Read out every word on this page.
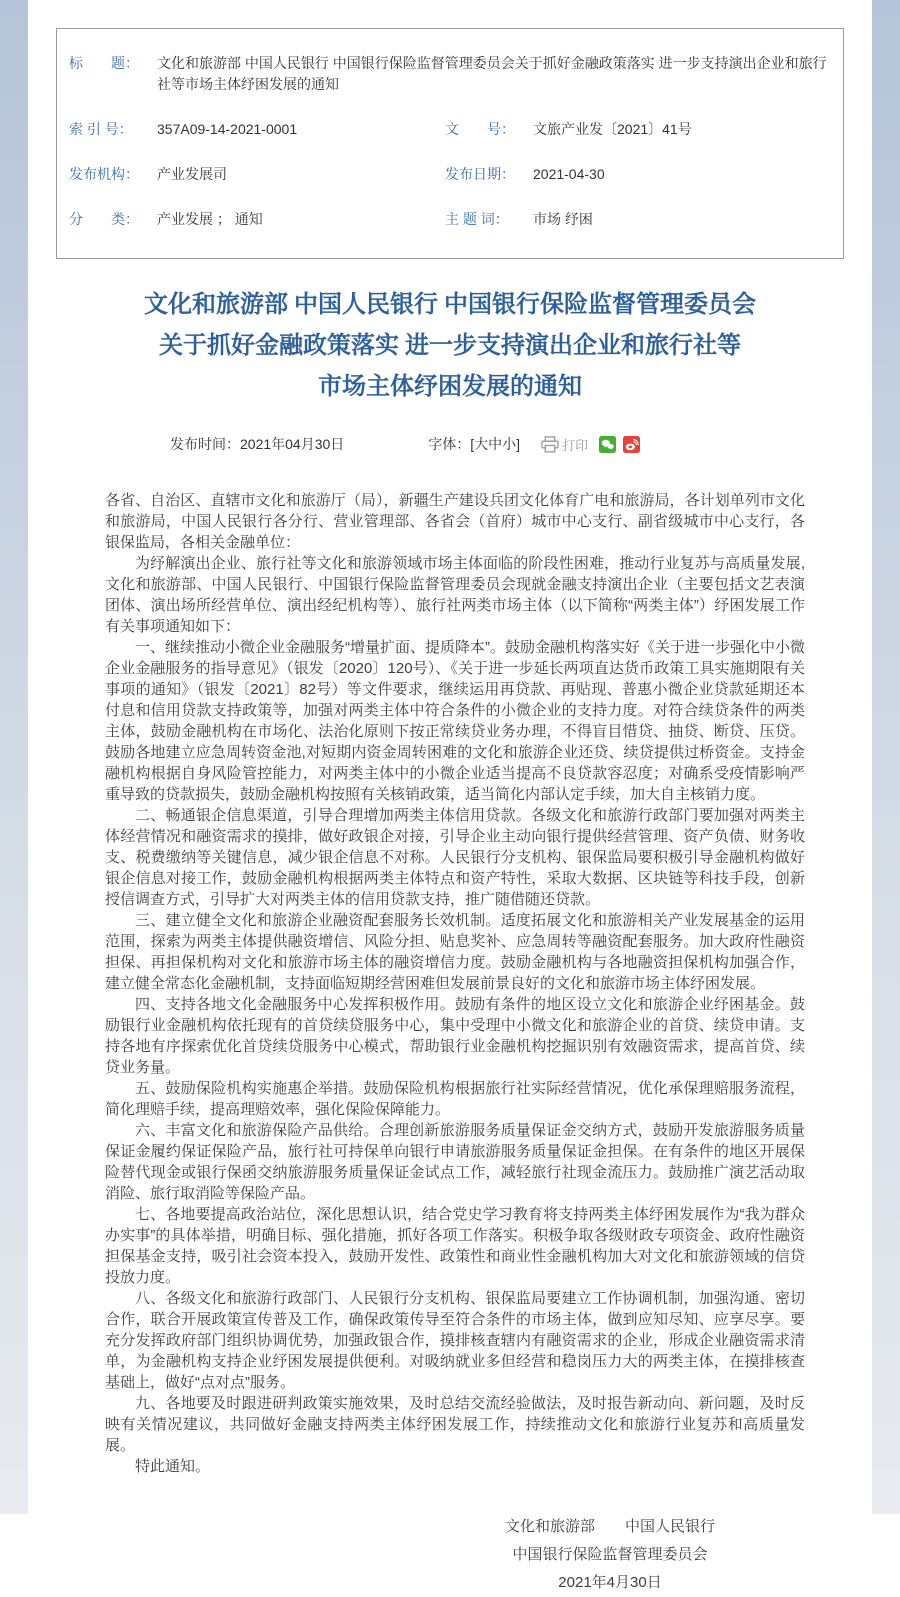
标　　题：	文化和旅游部 中国人民银行 中国银行保险监督管理委员会关于抓好金融政策落实 进一步支持演出企业和旅行社等市场主体纾困发展的通知
索 引 号：	357A09-14-2021-0001	文　　号：	文旅产业发〔2021〕41号
发布机构：	产业发展司	发布日期：	2021-04-30
分　　类：	产业发展 ； 通知	主 题 词：	市场 纾困
文化和旅游部 中国人民银行 中国银行保险监督管理委员会
关于抓好金融政策落实 进一步支持演出企业和旅行社等
市场主体纾困发展的通知
发布时间：2021年04月30日	字体：[大中小]	打印

各省、自治区、直辖市文化和旅游厅（局），新疆生产建设兵团文化体育广电和旅游局，各计划单列市文化和旅游局，中国人民银行各分行、营业管理部、各省会（首府）城市中心支行、副省级城市中心支行，各银保监局，各相关金融单位：

为纾解演出企业、旅行社等文化和旅游领域市场主体面临的阶段性困难，推动行业复苏与高质量发展,文化和旅游部、中国人民银行、中国银行保险监督管理委员会现就金融支持演出企业（主要包括文艺表演团体、演出场所经营单位、演出经纪机构等）、旅行社两类市场主体（以下简称“两类主体”）纾困发展工作有关事项通知如下：

一、继续推动小微企业金融服务“增量扩面、提质降本”。鼓励金融机构落实好《关于进一步强化中小微企业金融服务的指导意见》（银发〔2020〕120号）、《关于进一步延长两项直达货币政策工具实施期限有关事项的通知》（银发〔2021〕82号）等文件要求，继续运用再贷款、再贴现、普惠小微企业贷款延期还本付息和信用贷款支持政策等，加强对两类主体中符合条件的小微企业的支持力度。对符合续贷条件的两类主体，鼓励金融机构在市场化、法治化原则下按正常续贷业务办理，不得盲目惜贷、抽贷、断贷、压贷。鼓励各地建立应急周转资金池,对短期内资金周转困难的文化和旅游企业还贷、续贷提供过桥资金。支持金融机构根据自身风险管控能力，对两类主体中的小微企业适当提高不良贷款容忍度；对确系受疫情影响严重导致的贷款损失，鼓励金融机构按照有关核销政策，适当简化内部认定手续，加大自主核销力度。

二、畅通银企信息渠道，引导合理增加两类主体信用贷款。各级文化和旅游行政部门要加强对两类主体经营情况和融资需求的摸排，做好政银企对接，引导企业主动向银行提供经营管理、资产负债、财务收支、税费缴纳等关键信息，减少银企信息不对称。人民银行分支机构、银保监局要积极引导金融机构做好银企信息对接工作，鼓励金融机构根据两类主体特点和资产特性，采取大数据、区块链等科技手段，创新授信调查方式，引导扩大对两类主体的信用贷款支持，推广随借随还贷款。

三、建立健全文化和旅游企业融资配套服务长效机制。适度拓展文化和旅游相关产业发展基金的运用范围，探索为两类主体提供融资增信、风险分担、贴息奖补、应急周转等融资配套服务。加大政府性融资担保、再担保机构对文化和旅游市场主体的融资增信力度。鼓励金融机构与各地融资担保机构加强合作，建立健全常态化金融机制，支持面临短期经营困难但发展前景良好的文化和旅游市场主体纾困发展。

四、支持各地文化金融服务中心发挥积极作用。鼓励有条件的地区设立文化和旅游企业纾困基金。鼓励银行业金融机构依托现有的首贷续贷服务中心，集中受理中小微文化和旅游企业的首贷、续贷申请。支持各地有序探索优化首贷续贷服务中心模式，帮助银行业金融机构挖掘识别有效融资需求，提高首贷、续贷业务量。

五、鼓励保险机构实施惠企举措。鼓励保险机构根据旅行社实际经营情况，优化承保理赔服务流程，简化理赔手续，提高理赔效率，强化保险保障能力。

六、丰富文化和旅游保险产品供给。合理创新旅游服务质量保证金交纳方式，鼓励开发旅游服务质量保证金履约保证保险产品，旅行社可持保单向银行申请旅游服务质量保证金担保。在有条件的地区开展保险替代现金或银行保函交纳旅游服务质量保证金试点工作，减轻旅行社现金流压力。鼓励推广演艺活动取消险、旅行取消险等保险产品。

七、各地要提高政治站位，深化思想认识，结合党史学习教育将支持两类主体纾困发展作为“我为群众办实事”的具体举措，明确目标、强化措施，抓好各项工作落实。积极争取各级财政专项资金、政府性融资担保基金支持，吸引社会资本投入，鼓励开发性、政策性和商业性金融机构加大对文化和旅游领域的信贷投放力度。

八、各级文化和旅游行政部门、人民银行分支机构、银保监局要建立工作协调机制，加强沟通、密切合作，联合开展政策宣传普及工作，确保政策传导至符合条件的市场主体，做到应知尽知、应享尽享。要充分发挥政府部门组织协调优势，加强政银合作，摸排核查辖内有融资需求的企业，形成企业融资需求清单，为金融机构支持企业纾困发展提供便利。对吸纳就业多但经营和稳岗压力大的两类主体，在摸排核查基础上，做好“点对点”服务。

九、各地要及时跟进研判政策实施效果，及时总结交流经验做法，及时报告新动向、新问题，及时反映有关情况建议，共同做好金融支持两类主体纾困发展工作，持续推动文化和旅游行业复苏和高质量发展。

特此通知。

文化和旅游部　　中国人民银行
中国银行保险监督管理委员会
2021年4月30日
